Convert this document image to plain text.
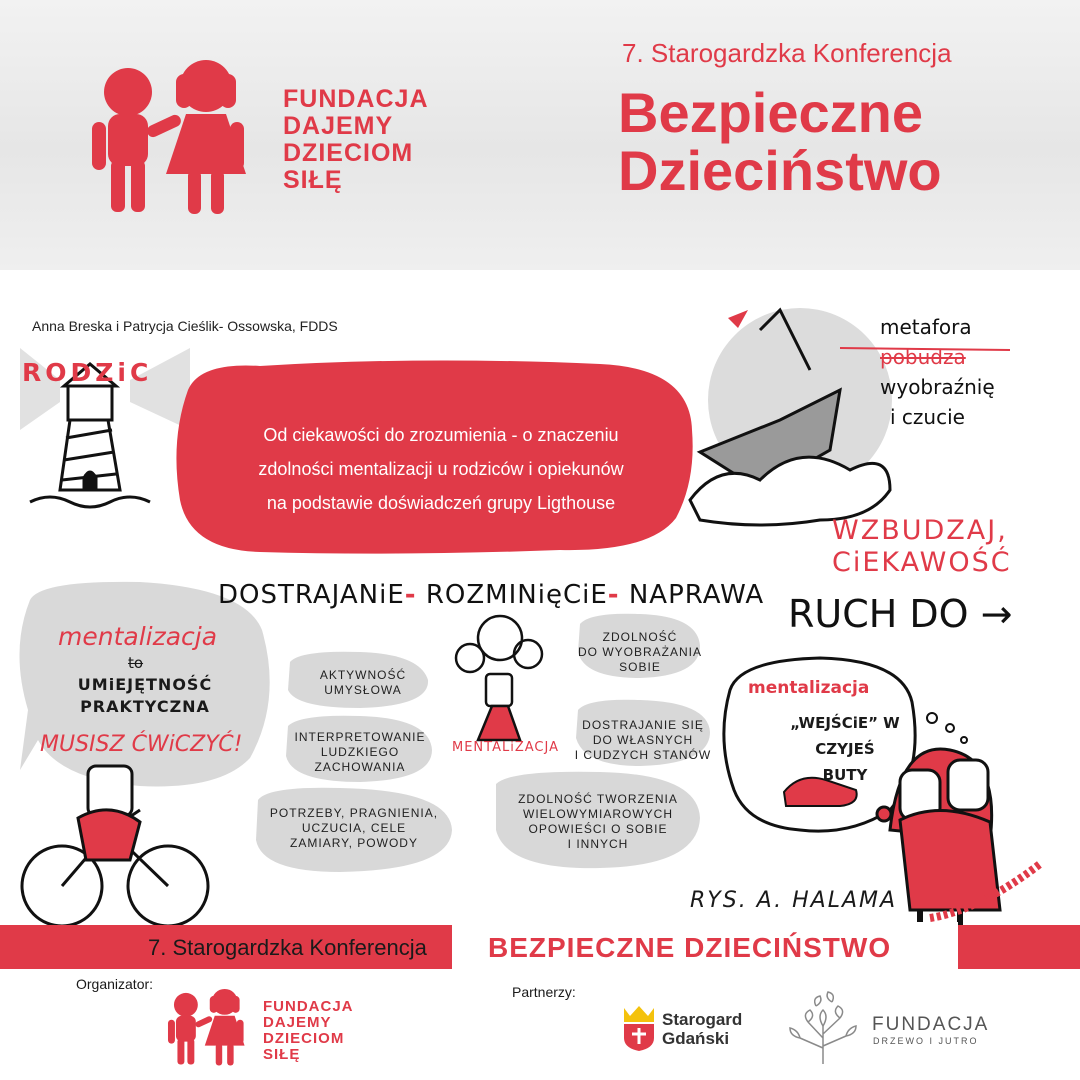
FUNDACJA
DAJEMY
DZIECIOM
SIŁĘ
7. Starogardzka Konferencja
Bezpieczne
Dzieciństwo
Anna Breska i Patrycja Cieślik- Ossowska, FDDS
RODZiC
Od ciekawości do zrozumienia - o znaczeniu
zdolności mentalizacji u rodziców i opiekunów
na podstawie doświadczeń grupy Ligthouse
metafora
pobudza
wyobraźnię
i czucie
WZBUDZAJ,
CiEKAWOŚĆ
DOSTRAJANiE- ROZMINięCiE- NAPRAWA RUCH DO →
mentalizacja
to
UMiEJĘTNOŚĆ
PRAKTYCZNA
MUSISZ ĆWiCZYĆ!
AKTYWNOŚĆ
UMYSŁOWA
INTERPRETOWANIE
LUDZKIEGO
ZACHOWANIA
POTRZEBY, PRAGNIENIA,
UCZUCIA, CELE
ZAMIARY, POWODY
ZDOLNOŚĆ
DO WYOBRAŻANIA
SOBIE
DOSTRAJANIE SIĘ
DO WŁASNYCH
I CUDZYCH STANÓW
ZDOLNOŚĆ TWORZENIA
WIELOWYMIAROWYCH
OPOWIEŚCI O SOBIE
I INNYCH
MENTALiZACJA
mentalizacja
„WEJŚCiE” W CZYJEŚ
BUTY
RYS. A. HALAMA
7. Starogardzka Konferencja BEZPIECZNE DZIECIŃSTWO
Organizator:	Partnerzy:
FUNDACJA
DAJEMY
DZIECIOM
SIŁĘ
Starogard
Gdański
FUNDACJA
DRZEWO I JUTRO
